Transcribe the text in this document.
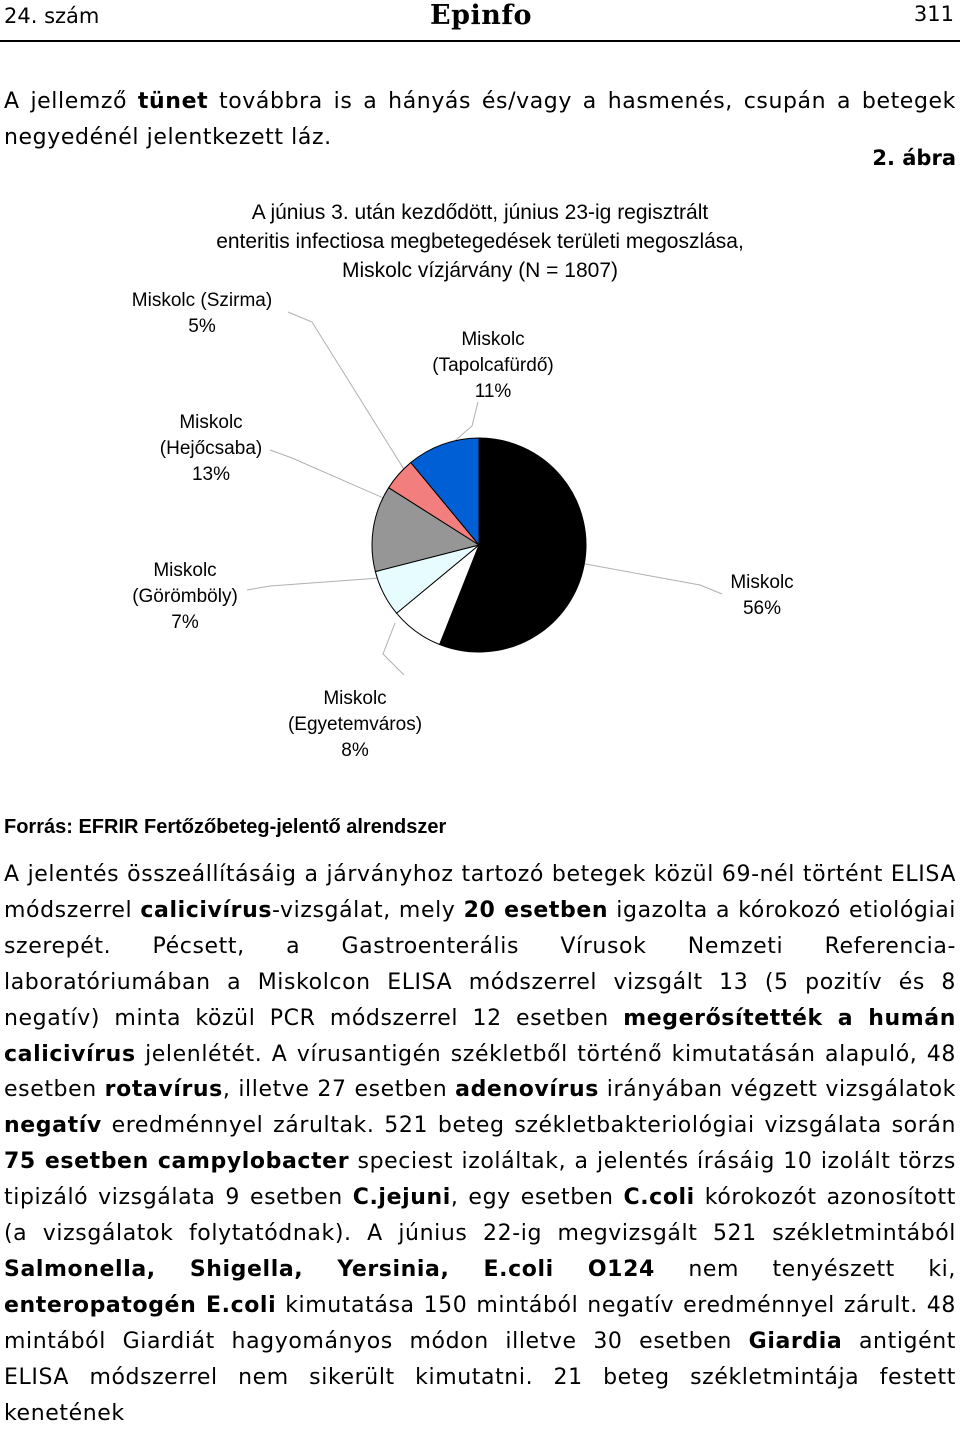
24. szám	Epinfo	311
A jellemző tünet továbbra is a hányás és/vagy a hasmenés, csupán a betegek negyedénél jelentkezett láz.
2. ábra
A június 3. után kezdődött, június 23-ig regisztrált
enteritis infectiosa megbetegedések területi megoszlása,
Miskolc vízjárvány (N = 1807)
Miskolc (Szirma)
5%
Miskolc
(Tapolcafürdő)
11%
Miskolc
(Hejőcsaba)
13%
Miskolc
(Görömböly)
7%
Miskolc
56%
Miskolc
(Egyetemváros)
8%
Forrás: EFRIR Fertőzőbeteg-jelentő alrendszer
A jelentés összeállításáig a járványhoz tartozó betegek közül 69-nél történt ELISA módszerrel calicivírus-vizsgálat, mely 20 esetben igazolta a kórokozó etiológiai szerepét. Pécsett, a Gastroenterális Vírusok Nemzeti Referencia-laboratóriumában a Miskolcon ELISA módszerrel vizsgált 13 (5 pozitív és 8 negatív) minta közül PCR módszerrel 12 esetben megerősítették a humán calicivírus jelenlétét. A vírusantigén székletből történő kimutatásán alapuló, 48 esetben rotavírus, illetve 27 esetben adenovírus irányában végzett vizsgálatok negatív eredménnyel zárultak. 521 beteg székletbakteriológiai vizsgálata során 75 esetben campylobacter speciest izoláltak, a jelentés írásáig 10 izolált törzs tipizáló vizsgálata 9 esetben C.jejuni, egy esetben C.coli kórokozót azonosított (a vizsgálatok folytatódnak). A június 22-ig megvizsgált 521 székletmintából Salmonella, Shigella, Yersinia, E.coli O124 nem tenyészett ki, enteropatogén E.coli kimutatása 150 mintából negatív eredménnyel zárult. 48 mintából Giardiát hagyományos módon illetve 30 esetben Giardia antigént ELISA módszerrel nem sikerült kimutatni. 21 beteg székletmintája festett kenetének
